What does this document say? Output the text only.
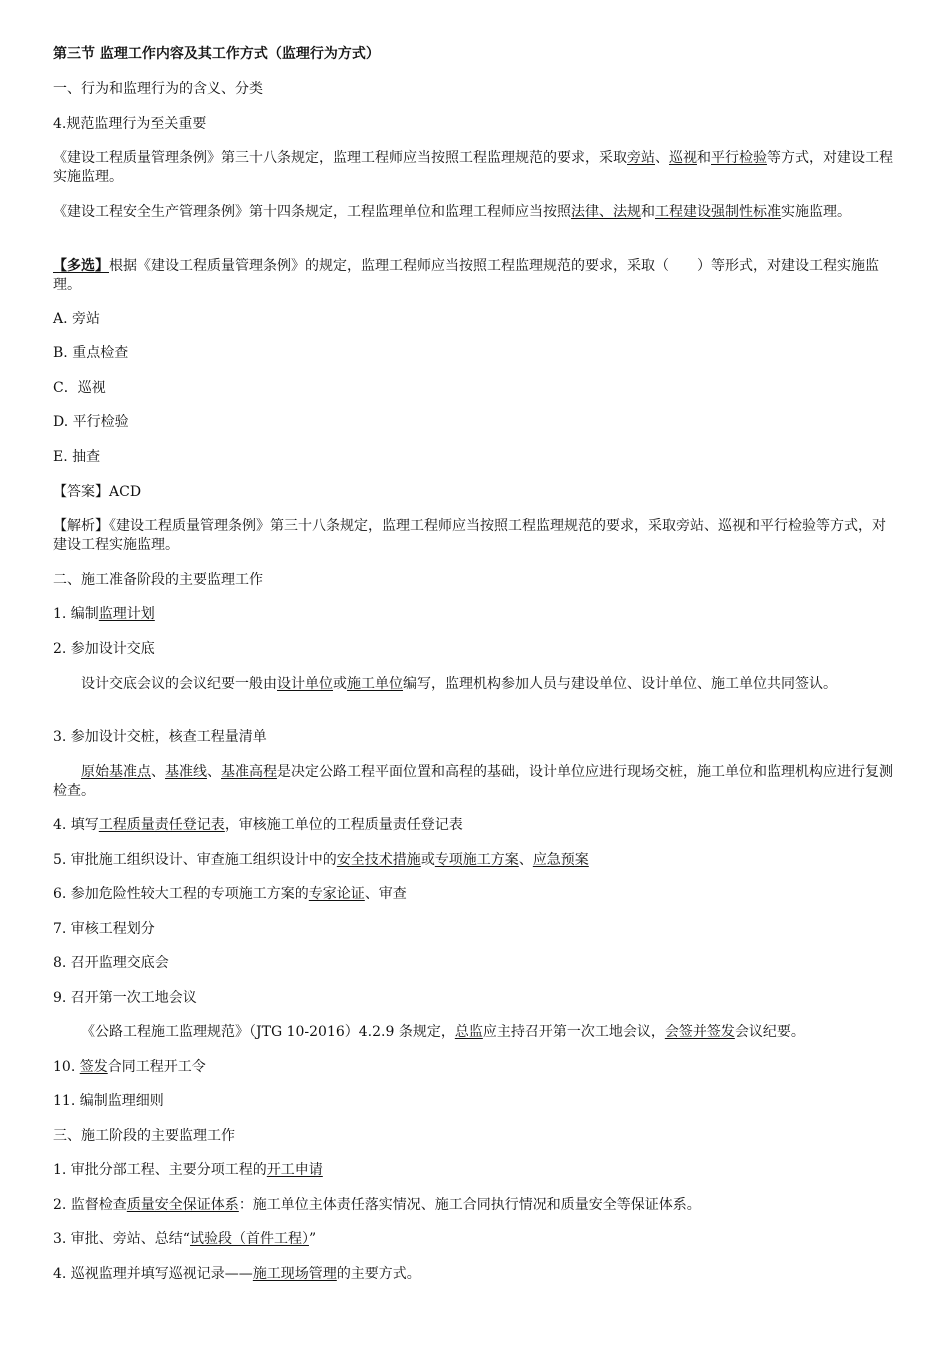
第三节 监理工作内容及其工作方式（监理行为方式）

一、行为和监理行为的含义、分类

4.规范监理行为至关重要

《建设工程质量管理条例》第三十八条规定，监理工程师应当按照工程监理规范的要求，采取旁站、巡视和平行检验等方式，对建设工程实施监理。

《建设工程安全生产管理条例》第十四条规定，工程监理单位和监理工程师应当按照法律、法规和工程建设强制性标准实施监理。

【多选】根据《建设工程质量管理条例》的规定，监理工程师应当按照工程监理规范的要求，采取（　　）等形式，对建设工程实施监理。

A. 旁站

B. 重点检查

C．巡视

D. 平行检验

E. 抽查

【答案】ACD

【解析】《建设工程质量管理条例》第三十八条规定，监理工程师应当按照工程监理规范的要求，采取旁站、巡视和平行检验等方式，对建设工程实施监理。

二、施工准备阶段的主要监理工作

1. 编制监理计划

2. 参加设计交底

设计交底会议的会议纪要一般由设计单位或施工单位编写，监理机构参加人员与建设单位、设计单位、施工单位共同签认。

3. 参加设计交桩，核查工程量清单

原始基准点、基准线、基准高程是决定公路工程平面位置和高程的基础，设计单位应进行现场交桩，施工单位和监理机构应进行复测检查。

4. 填写工程质量责任登记表，审核施工单位的工程质量责任登记表

5. 审批施工组织设计、审查施工组织设计中的安全技术措施或专项施工方案、应急预案

6. 参加危险性较大工程的专项施工方案的专家论证、审查

7. 审核工程划分

8. 召开监理交底会

9. 召开第一次工地会议

《公路工程施工监理规范》（JTG 10-2016）4.2.9 条规定，总监应主持召开第一次工地会议，会签并签发会议纪要。

10. 签发合同工程开工令

11. 编制监理细则

三、施工阶段的主要监理工作

1. 审批分部工程、主要分项工程的开工申请

2. 监督检查质量安全保证体系：施工单位主体责任落实情况、施工合同执行情况和质量安全等保证体系。

3. 审批、旁站、总结“试验段（首件工程）”

4. 巡视监理并填写巡视记录——施工现场管理的主要方式。
